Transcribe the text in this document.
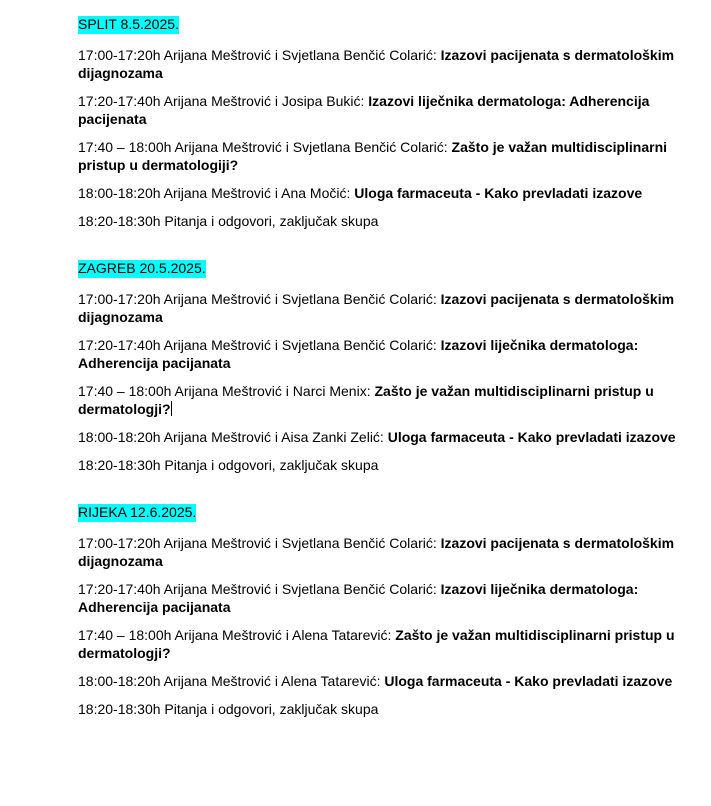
SPLIT 8.5.2025.

17:00-17:20h Arijana Meštrović i Svjetlana Benčić Colarić: Izazovi pacijenata s dermatološkim dijagnozama

17:20-17:40h Arijana Meštrović i Josipa Bukić: Izazovi liječnika dermatologa: Adherencija pacijenata

17:40 – 18:00h Arijana Meštrović i Svjetlana Benčić Colarić: Zašto je važan multidisciplinarni pristup u dermatologiji?

18:00-18:20h Arijana Meštrović i Ana Močić: Uloga farmaceuta - Kako prevladati izazove

18:20-18:30h Pitanja i odgovori, zaključak skupa

ZAGREB 20.5.2025.

17:00-17:20h Arijana Meštrović i Svjetlana Benčić Colarić: Izazovi pacijenata s dermatološkim dijagnozama

17:20-17:40h Arijana Meštrović i Svjetlana Benčić Colarić: Izazovi liječnika dermatologa: Adherencija pacijanata

17:40 – 18:00h Arijana Meštrović i Narci Menix: Zašto je važan multidisciplinarni pristup u dermatologji?

18:00-18:20h Arijana Meštrović i Aisa Zanki Zelić: Uloga farmaceuta - Kako prevladati izazove

18:20-18:30h Pitanja i odgovori, zaključak skupa

RIJEKA 12.6.2025.

17:00-17:20h Arijana Meštrović i Svjetlana Benčić Colarić: Izazovi pacijenata s dermatološkim dijagnozama

17:20-17:40h Arijana Meštrović i Svjetlana Benčić Colarić: Izazovi liječnika dermatologa: Adherencija pacijanata

17:40 – 18:00h Arijana Meštrović i Alena Tatarević: Zašto je važan multidisciplinarni pristup u dermatologji?

18:00-18:20h Arijana Meštrović i Alena Tatarević: Uloga farmaceuta - Kako prevladati izazove

18:20-18:30h Pitanja i odgovori, zaključak skupa
